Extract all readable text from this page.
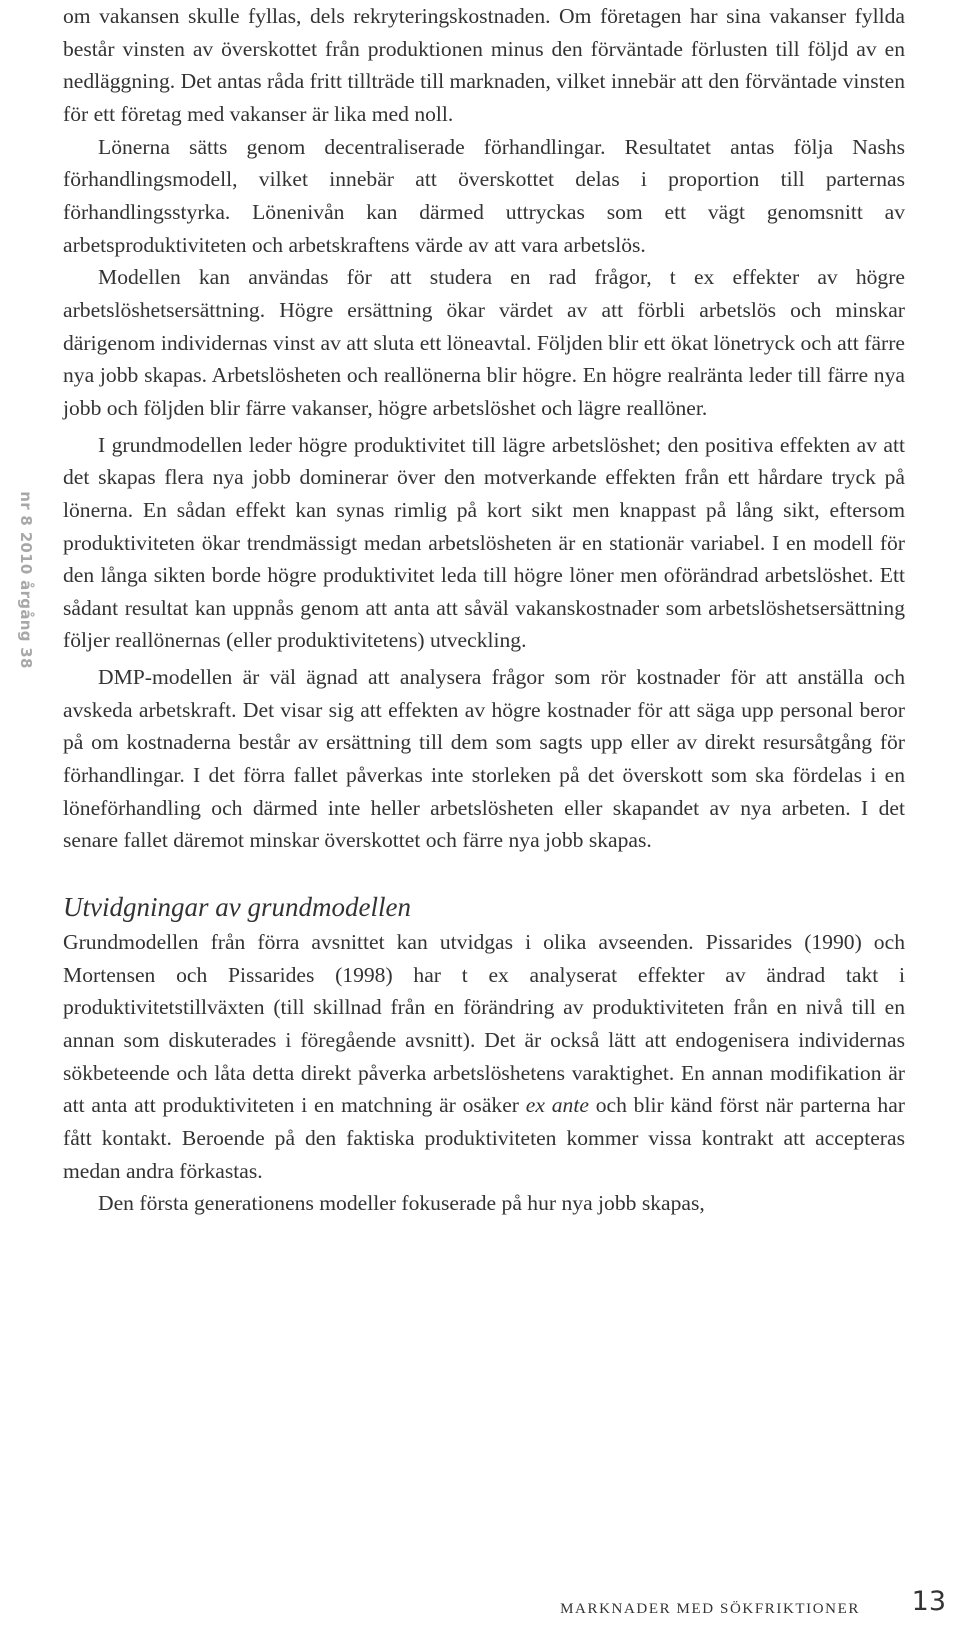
nr 8 2010 årgång 38

om vakansen skulle fyllas, dels rekryteringskostnaden. Om företagen har sina vakanser fyllda består vinsten av överskottet från produktionen minus den förväntade förlusten till följd av en nedläggning. Det antas råda fritt tillträde till marknaden, vilket innebär att den förväntade vinsten för ett företag med vakanser är lika med noll.

Lönerna sätts genom decentraliserade förhandlingar. Resultatet antas följa Nashs förhandlingsmodell, vilket innebär att överskottet delas i proportion till parternas förhandlingsstyrka. Lönenivån kan därmed uttryckas som ett vägt genomsnitt av arbetsproduktiviteten och arbetskraftens värde av att vara arbetslös.

Modellen kan användas för att studera en rad frågor, t ex effekter av högre arbetslöshetsersättning. Högre ersättning ökar värdet av att förbli arbetslös och minskar därigenom individernas vinst av att sluta ett löneavtal. Följden blir ett ökat lönetryck och att färre nya jobb skapas. Arbetslösheten och reallönerna blir högre. En högre realränta leder till färre nya jobb och följden blir färre vakanser, högre arbetslöshet och lägre reallöner.

I grundmodellen leder högre produktivitet till lägre arbetslöshet; den positiva effekten av att det skapas flera nya jobb dominerar över den motverkande effekten från ett hårdare tryck på lönerna. En sådan effekt kan synas rimlig på kort sikt men knappast på lång sikt, eftersom produktiviteten ökar trendmässigt medan arbetslösheten är en stationär variabel. I en modell för den långa sikten borde högre produktivitet leda till högre löner men oförändrad arbetslöshet. Ett sådant resultat kan uppnås genom att anta att såväl vakanskostnader som arbetslöshetsersättning följer reallönernas (eller produktivitetens) utveckling.

DMP-modellen är väl ägnad att analysera frågor som rör kostnader för att anställa och avskeda arbetskraft. Det visar sig att effekten av högre kostnader för att säga upp personal beror på om kostnaderna består av ersättning till dem som sagts upp eller av direkt resursåtgång för förhandlingar. I det förra fallet påverkas inte storleken på det överskott som ska fördelas i en löneförhandling och därmed inte heller arbetslösheten eller skapandet av nya arbeten. I det senare fallet däremot minskar överskottet och färre nya jobb skapas.

Utvidgningar av grundmodellen

Grundmodellen från förra avsnittet kan utvidgas i olika avseenden. Pissarides (1990) och Mortensen och Pissarides (1998) har t ex analyserat effekter av ändrad takt i produktivitetstillväxten (till skillnad från en förändring av produktiviteten från en nivå till en annan som diskuterades i föregående avsnitt). Det är också lätt att endogenisera individernas sökbeteende och låta detta direkt påverka arbetslöshetens varaktighet. En annan modifikation är att anta att produktiviteten i en matchning är osäker ex ante och blir känd först när parterna har fått kontakt. Beroende på den faktiska produktiviteten kommer vissa kontrakt att accepteras medan andra förkastas.

Den första generationens modeller fokuserade på hur nya jobb skapas,

MARKNADER MED SÖKFRIKTIONER 13
